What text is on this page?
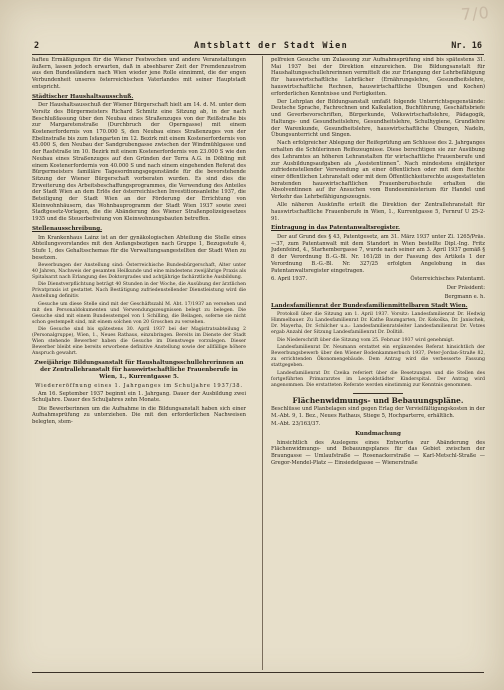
7/0
2	Amtsblatt der Stadt Wien	Nr. 16

hafteu Ermäßigungen für die Wiener Festwochen und andere Veranstaltungen äußern, lassen jedoch erwarten, daß in absehbarer Zeit der Fremdenzustrom aus den Bundesländern nach Wien wieder jene Rolle einnimmt, die der engen Verbundenheit unseres österreichischen Vaterlandes mit seiner Hauptstadt entspricht.

Städtischer Haushaltsausschuß.

Der Haushaltsausschuß der Wiener Bürgerschaft hielt am 14. d. M. unter dem Vorsitz des Bürgermeisters Richard Schmitz eine Sitzung ab, in der nach Beschlußfassung über den Neubau eines Straßenzuges von der Reißstraße bis zur Margaretenstraße (Durchbruch der Operngasse) mit einem Kostenerfordernis von 170.000 S, den Neubau eines Straßenzuges von der Ebelinstraße bis zum Isfangarten im 12. Bezirk mit einem Kostenerfordernis von 45.000 S, den Neubau der Sandgrubengasse zwischen der Windmühlgasse und der Rasfstraße im 10. Bezirk mit einem Kostenerfordernis von 23.000 S wie den Neubau eines Straßenzuges auf den Gründen der Terra A.G. in Döbling mit einem Kostenerfordernis von 40.000 S und nach einem eingehenden Referat des Bürgermeisters familiäre Tagesordnungsgegenstände für die bevorstehende Sitzung der Wiener Bürgerschaft vorberaten wurden. Es sind dies die Erweiterung des Arbeitsbeschaffungsprogrammes, die Verwendung des Anteiles der Stadt Wien an dem Erlös der österreichischen Investitionsanleihe 1937, die Beteiligung der Stadt Wien an der Förderung der Errichtung von Kleinwohnhäusern, das Wohnbauprogramm der Stadt Wien 1937 sowie zwei Stadtgesetz-Vorlagen, die die Abänderung des Wiener Straßenpolizeigesetzes 1935 und die Steuerbefreiung von Kleinwohnungsbauten betreffen.

Stellenausschreibung.

Im Krankenhaus Lainz ist an der gynäkologischen Abteilung die Stelle eines Abteilungsvorstandes mit den Anfangsbezügen nach Gruppe 1, Bezugsstufe 4, Stufe 1, des Gehaltsschemas für die Verwaltungsangestellten der Stadt Wien zu besetzen.

Bewerbungen der Anstellung sind: Österreichische Bundesbürgerschaft, Alter unter 40 Jahren, Nachweis der gesamten Heilkunde und eine mindestens zweijährige Praxis als Spitalsarzt nach Erlangung des Doktorgrades und achtjährige fachärztliche Ausbildung.

Die Dienstverpflichtung beträgt 40 Stunden in der Woche, die Ausübung der ärztlichen Privatpraxis ist gestattet. Nach Bestätigung zufriedenstellender Dienstleistung wird die Anstellung definitiv.

Gesuche um diese Stelle sind mit der Geschäftszahl M. Abt. 17/1937 an versehen und mit den Personaldokumenten und Verwendungszeugnissen belegt zu belegen. Die Gesuche sind mit einem Bundesstempel von 1 Schilling, die Beilagen, soferne sie nicht schon gestempelt sind, mit einem solchen von 20 Groschen zu versehen.

Die Gesuche sind bis spätestens 30. April 1937 bei der Magistratsabteilung 2 (Personalgruppe), Wien, 1., Neues Rathaus, einzubringen. Bereits im Dienste der Stadt Wien stehende Bewerber haben die Gesuche im Dienstwege vorzulegen. Dieser Bewerber bleibt eine bereits erworbene definitive Anstellung sowie der allfällige höhere Anspruch gewahrt.

Zweijährige Bildungsanstalt für Haushaltungsschullehrerinnen an der Zentrallehranstalt für hauswirtschaftliche Frauenberufe in Wien, 1., Kurrentgasse 5.

Wiedereröffnung eines 1. Jahrganges im Schuljahre 1937/38.

Am 16. September 1937 beginnt ein 1. Jahrgang. Dauer der Ausbildung zwei Schuljahre. Dauer des Schuljahres zehn Monate.

Die Bewerberinnen um die Aufnahme in die Bildungsanstalt haben sich einer Aufnahmsprüfung zu unterziehen. Die mit den erforderlichen Nachweisen belegten, stem-

pelfreien Gesuche um Zulassung zur Aufnahmsprüfung sind bis spätestens 31. Mai 1937 bei der Direktion einzureichen. Die Bildungsanstalt für Haushaltungsschullehrerinnen vermittelt die zur Erlangung der Lehrbefähigung für hauswirtschaftliche Lehrfächer (Ernährungslehre, Gesundheitslehre, hauswirtschaftliche Rechnen, hauswirtschaftliche Übungen und Kochen) erforderlichen Kenntnisse und Fertigkeiten.

Der Lehrplan der Bildungsanstalt umfaßt folgende Unterrichtsgegenstände: Deutsche Sprache, Fachrechnen und Kalkulation, Buchführung, Geschäftsbriefe und Geverbevorschriften, Bürgerkunde, Volkswirtschaftslehre, Pädagogik, Haltungs- und Gesundheitslehre, Gesundheitslehre, Schulhygiene, Grundlehre der Warenkunde, Gesundheitslehre, hauswirtschaftliche Übungen, Nadeln, Übungsunterricht und Singen.

Nach erfolgreicher Ablegung der Reifeprüfung am Schlusse des 2. Jahrganges erhalten die Schülerinnen Reifezeugnisse. Diese berechtigen sie zur Ausübung des Lehramtes an höheren Lehranstalten für wirtschaftliche Frauenberufe und zur Ausbildungsaufgaben als „Assistentinnen“. Nach mindestens einjähriger zufriedenstellender Verwendung an einer öffentlichen oder mit dem Rechte einer öffentlichen Lehranstalt oder mit dem Öffentlichkeitsrechte ausgestatteten beratenden hauswirtschaftlichen Frauenberufsschule erhalten die Absolventinnen auf ihr Ansuchen vom Bundesministerium für Handel und Verkehr das Lehrbefähigungszeugnis.

Alle näheren Auskünfte erteilt die Direktion der Zentrallehranstalt für hauswirtschaftliche Frauenberufe in Wien, 1., Kurrentgasse 5, Fernruf U 25-2-91.

Eintragung in das Patentanwaltsregister.

Der auf Grund des § 43, Patentgesetz, am 31. März 1937 unter Zl. 1265/Präs.—37, zum Patentanwalt mit dem Standort in Wien bestellte Dipl.-Ing. Fritz Judenfeind, 4., Starhembergasse 7, wurde nach seiner am 3. April 1937 gemäß § 8 der Verordnung B.-G.-Bl. Nr. 161/28 in der Fassung des Artikels 1 der Verordnung B.-G.-Bl. Nr. 327/25 erfolgten Angelobung in das Patentanwaltsregister eingetragen.

6. April 1937.	Österreichisches Patentamt.

Der Präsident:

Bergmann e. h.

Landesfamilienrat der Bundesfamilienmittelbaren Stadt Wien.

Protokoll über die Sitzung am 1. April 1937. Vorsitz: Landesfamilienrat Dr. Hedwig Himmelbauer. Zu Landesfamilienrat Dr. Kathe Baumgarten, Dr. Kokoška, Dr. Janischek, Dr. Mayerha, Dr. Schilcher u.a.: Landesfamilienratsleiter Landesfamilienrat Dr. Votzes ergab Anzahl der Sitzung Landesfamilienrat Dr. Dolltiß.

Die Niederschrift über die Sitzung vom 25. Februar 1937 wird genehmigt.

Landesfamilienrat Dr. Neumann erstattet ein ergänzendes Referat hinsichtlich der Bewerbungsbewerb über den Wiener Bodenkammerbuch 1937, Peter-Jordan-Straße 82, zu errichtenden Ökonomengebäude. Dem Antrag wird die verbesserte Fassung stattgegeben.

Landesfamilienrat Dr. Czeika referiert über die Besetzungen und die Stellen des fortgeführten Primararztes im Leopoldstädter Kinderspital. Der Antrag wird angenommen. Die erstatteten Referate werden einstimmig zur Kenntnis genommen.

Flächenwidmungs- und Bebauungspläne.

Beschlüsse und Planbelagen sind gegen Erlag der Vervielfältigungskosten in der M.-Abt. 9, 1. Bez., Neues Rathaus, Stiege 5, Hochparterre, erhältlich.

M.-Abt. 23/163/37.

Kundmachung

hinsichtlich des Auslegens eines Entwurfes zur Abänderung des Flächenwidmungs- und Bebauungsplanes für das Gebiet zwischen der Braungasse — Umlaufstraße — Rosenackerstraße — Karl-Metschl-Straße — Gregor-Mendel-Platz — Einsiedelgasse — Wienerstraße
